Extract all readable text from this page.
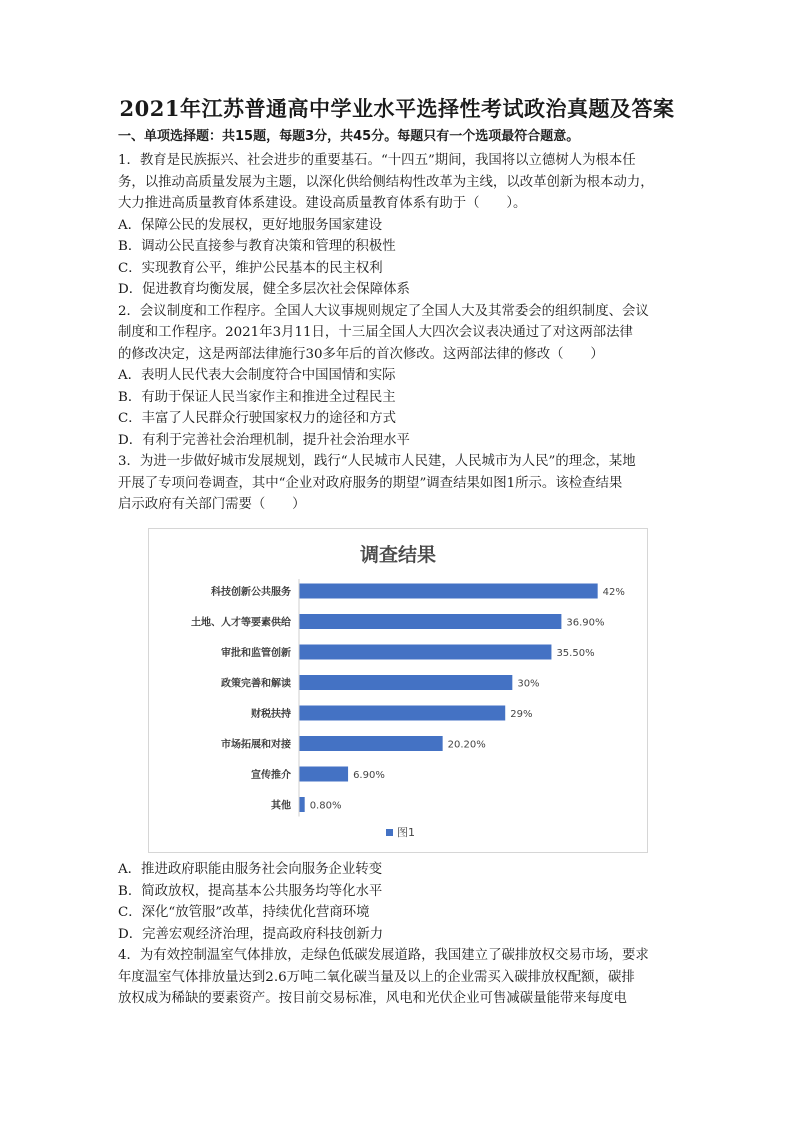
2021年江苏普通高中学业水平选择性考试政治真题及答案
一、单项选择题：共15题，每题3分，共45分。每题只有一个选项最符合题意。
1．教育是民族振兴、社会进步的重要基石。“十四五”期间，我国将以立德树人为根本任
务，以推动高质量发展为主题，以深化供给侧结构性改革为主线，以改革创新为根本动力，
大力推进高质量教育体系建设。建设高质量教育体系有助于（　　）。
A．保障公民的发展权，更好地服务国家建设
B．调动公民直接参与教育决策和管理的积极性
C．实现教育公平，维护公民基本的民主权利
D．促进教育均衡发展，健全多层次社会保障体系
2．会议制度和工作程序。全国人大议事规则规定了全国人大及其常委会的组织制度、会议
制度和工作程序。2021年3月11日，十三届全国人大四次会议表决通过了对这两部法律
的修改决定，这是两部法律施行30多年后的首次修改。这两部法律的修改（　　）
A．表明人民代表大会制度符合中国国情和实际
B．有助于保证人民当家作主和推进全过程民主
C．丰富了人民群众行驶国家权力的途径和方式
D．有利于完善社会治理机制，提升社会治理水平
3．为进一步做好城市发展规划，践行“人民城市人民建，人民城市为人民”的理念，某地
开展了专项问卷调查，其中“企业对政府服务的期望”调查结果如图1所示。该检查结果
启示政府有关部门需要（　　）
调查结果
科技创新公共服务	42%
土地、人才等要素供给	36.90%
审批和监管创新	35.50%
政策完善和解读	30%
财税扶持	29%
市场拓展和对接	20.20%
宣传推介	6.90%
其他 0.80%
图1
A．推进政府职能由服务社会向服务企业转变
B．简政放权，提高基本公共服务均等化水平
C．深化“放管服”改革，持续优化营商环境
D．完善宏观经济治理，提高政府科技创新力
4．为有效控制温室气体排放，走绿色低碳发展道路，我国建立了碳排放权交易市场，要求
年度温室气体排放量达到2.6万吨二氧化碳当量及以上的企业需买入碳排放权配额，碳排
放权成为稀缺的要素资产。按目前交易标准，风电和光伏企业可售减碳量能带来每度电
